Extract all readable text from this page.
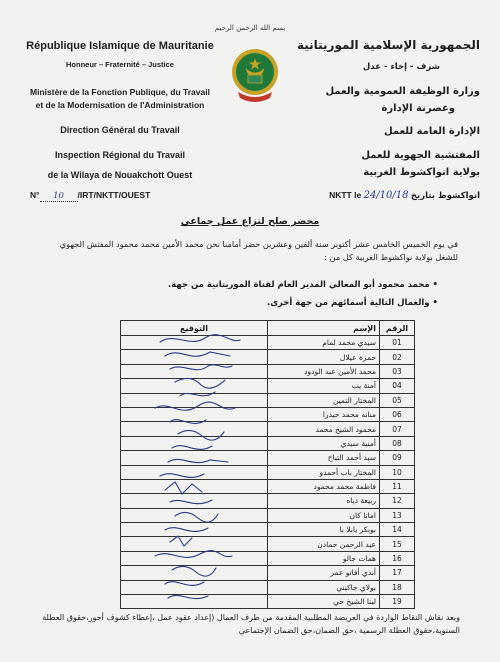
بسم الله الرحمن الرحيم
République Islamique de Mauritanie
Honneur – Fraternité – Justice
Ministère de la Fonction Publique, du Travail
et de la Modernisation de l'Administration
Direction Général du Travail
Inspection Régional du Travail
de la Wilaya de Nouakchott Ouest
الجمهورية الإسلامية الموريتانية
شرف - إخاء - عدل
وزارة الوظيفة العمومية والعمل
وعصرنة الإدارة
الإدارة العامة للعمل
المفتشية الجهوية للعمل
بولاية انواكشوط الغربية
N° 10 /IRT/NKTT/OUEST	NKTT le 24/10/18 انواكشوط بتاريخ
محضر صلح لنزاع عمل جماعي
في يوم الخميس الخامس عشر أكتوبر سنة ألفين وعشرين حضر أمامنا نحن محمد الأمين محمد محمود المفتش الجهوي للشغل بولاية نواكشوط الغربية كل من :
• محمد محمود أبو المعالي المدير العام لقناة الموريتانية من جهة.
• والعمال التالية أسمائهم من جهة أخرى.
الرقم	الإسم	التوقيع
01	سيدي محمد لمام	
02	حمزة عيلال	
03	محمد الأمين عبد الودود	
04	آمنة يب	
05	المختار التمين	
06	منانه محمد حيدرا	
07	محمود الشيخ محمد	
08	أمنية سيدي	
09	سيد أحمد التباخ	
10	المختار باب أحمدو	
11	فاطمة محمد محمود	
12	ربيعة دياه	
13	اماتا كان	
14	بوبكر بابلا با	
15	عبد الرحمن حمادن	
16	همات جالو	
17	أندي أفاتو عمر	
18	بولاي جاكيتي	
19	لبنا الشيخ حي	
وبعد نقاش النقاط الواردة في العريضة المطلبية المقدمة من طرف العمال (إعداد عقود عمل ،إعطاء كشوف أجور،حقوق العطلة السنوية،حقوق العطلة الرسمية ،حق الضمان،حق الضمان الإجتماعي
